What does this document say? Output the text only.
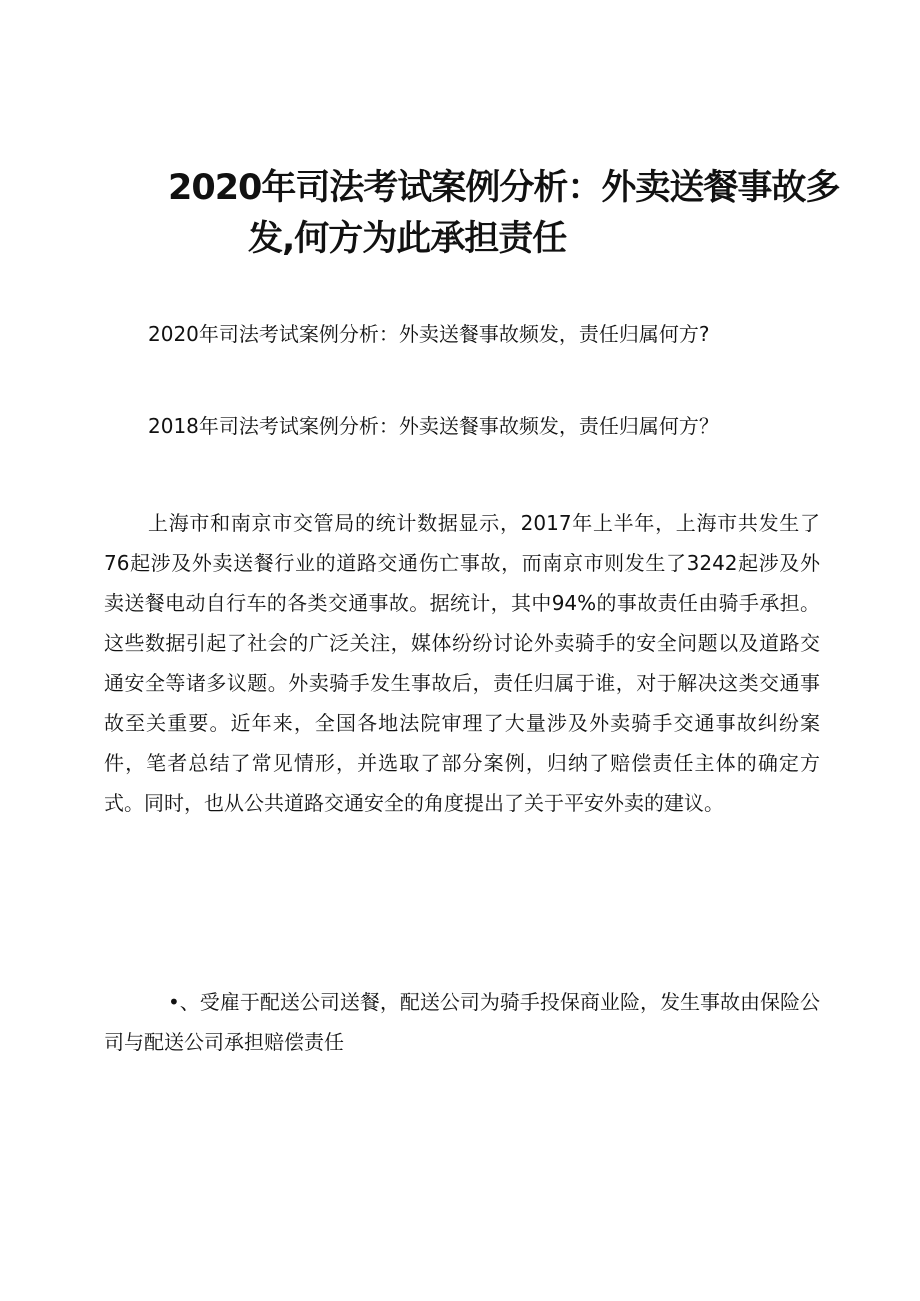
2020年司法考试案例分析：外卖送餐事故多
发,何方为此承担责任
2020年司法考试案例分析：外卖送餐事故频发，责任归属何方?
2018年司法考试案例分析：外卖送餐事故频发，责任归属何方？

上海市和南京市交管局的统计数据显示，2017年上半年，上海市共发生了76起涉及外卖送餐行业的道路交通伤亡事故，而南京市则发生了3242起涉及外卖送餐电动自行车的各类交通事故。据统计，其中94%的事故责任由骑手承担。这些数据引起了社会的广泛关注，媒体纷纷讨论外卖骑手的安全问题以及道路交通安全等诸多议题。外卖骑手发生事故后，责任归属于谁，对于解决这类交通事故至关重要。近年来，全国各地法院审理了大量涉及外卖骑手交通事故纠纷案件，笔者总结了常见情形，并选取了部分案例，归纳了赔偿责任主体的确定方式。同时，也从公共道路交通安全的角度提出了关于平安外卖的建议。

•、受雇于配送公司送餐，配送公司为骑手投保商业险，发生事故由保险公司与配送公司承担赔偿责任
